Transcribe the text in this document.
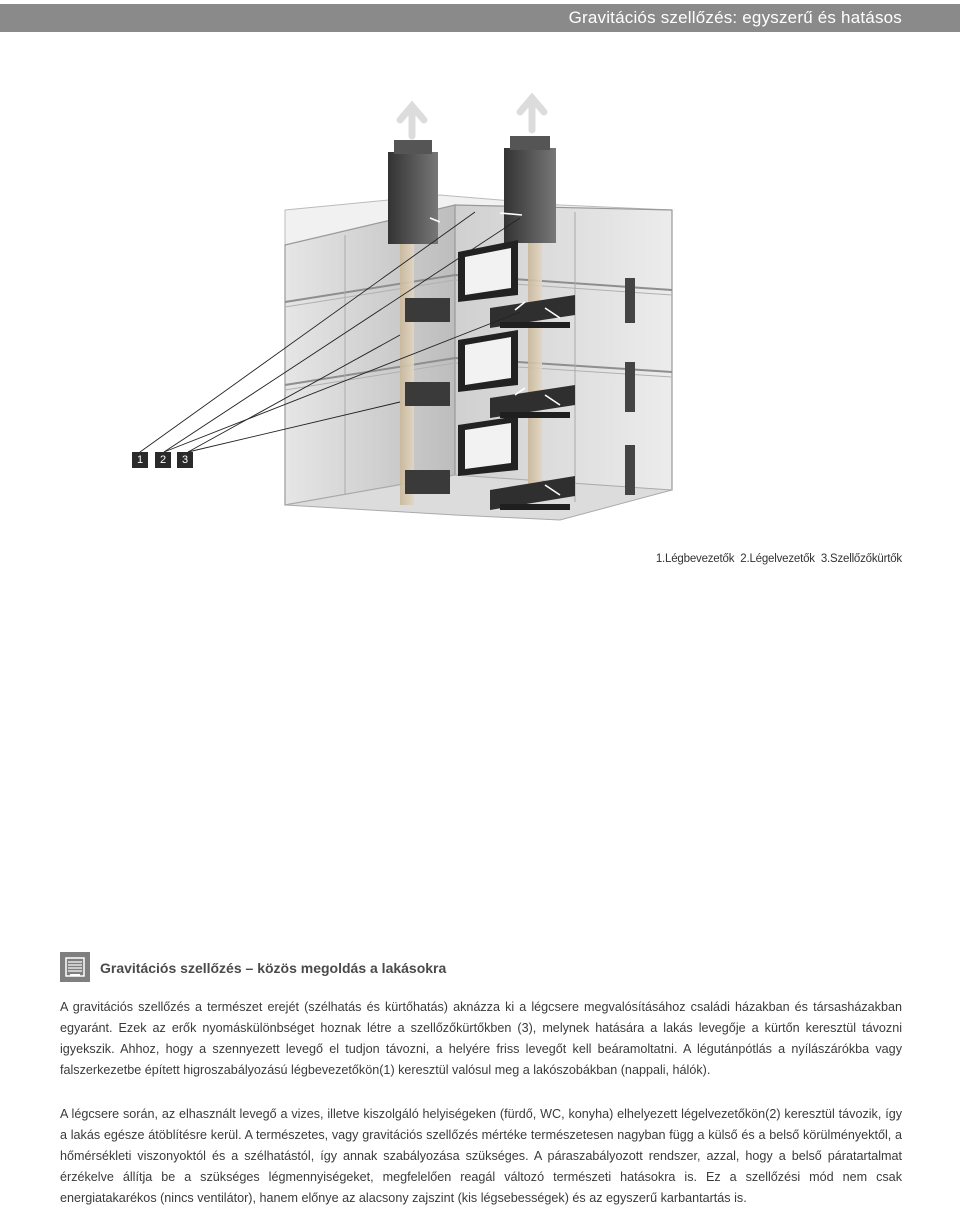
Gravitációs szellőzés: egyszerű és hatásos
1	2	3
1.Légbevezetők 2.Légelvezetők 3.Szellőzőkürtők
Gravitációs szellőzés – közös megoldás a lakásokra

A gravitációs szellőzés a természet erejét (szélhatás és kürtőhatás) aknázza ki a légcsere megvalósításához családi házakban és társasházakban egyaránt. Ezek az erők nyomáskülönbséget hoznak létre a szellőzőkürtőkben (3), melynek hatására a lakás levegője a kürtőn keresztül távozni igyekszik. Ahhoz, hogy a szennyezett levegő el tudjon távozni, a helyére friss levegőt kell beáramoltatni. A légutánpótlás a nyílászárókba vagy falszerkezetbe épített higroszabályozású légbevezetőkön(1) keresztül valósul meg a lakószobákban (nappali, hálók).

A légcsere során, az elhasznált levegő a vizes, illetve kiszolgáló helyiségeken (fürdő, WC, konyha) elhelyezett légelvezetőkön(2) keresztül távozik, így a lakás egésze átöblítésre kerül. A természetes, vagy gravitációs szellőzés mértéke természetesen nagyban függ a külső és a belső körülményektől, a hőmérsékleti viszonyoktól és a szélhatástól, így annak szabályozása szükséges. A páraszabályozott rendszer, azzal, hogy a belső páratartalmat érzékelve állítja be a szükséges légmennyiségeket, megfelelően reagál változó természeti hatásokra is. Ez a szellőzési mód nem csak energiatakarékos (nincs ventilátor), hanem előnye az alacsony zajszint (kis légsebességek) és az egyszerű karbantartás is.
